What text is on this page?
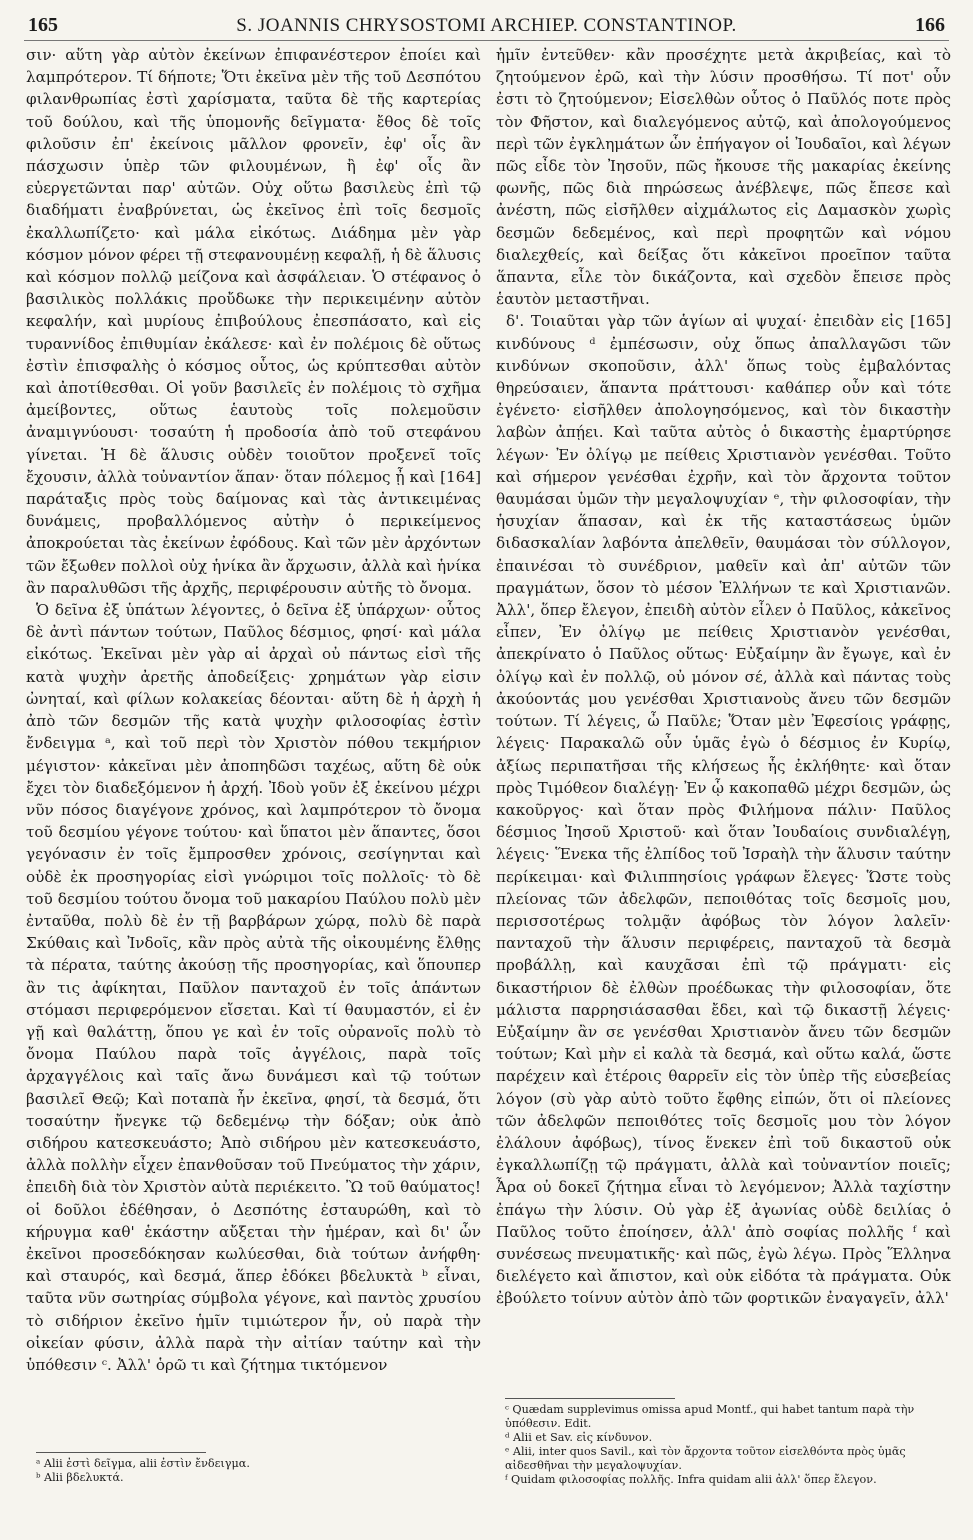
165	S. JOANNIS CHRYSOSTOMI ARCHIEP. CONSTANTINOP.	166

σιν· αὕτη γὰρ αὐτὸν ἐκείνων ἐπιφανέστερον ἐποίει καὶ λαμπρότερον. Τί δήποτε; Ὅτι ἐκεῖνα μὲν τῆς τοῦ Δεσπότου φιλανθρωπίας ἐστὶ χαρίσματα, ταῦτα δὲ τῆς καρτερίας τοῦ δούλου, καὶ τῆς ὑπομονῆς δεῖγματα· ἔθος δὲ τοῖς φιλοῦσιν ἐπ' ἐκείνοις μᾶλλον φρονεῖν, ἐφ' οἷς ἂν πάσχωσιν ὑπὲρ τῶν φιλουμένων, ἢ ἐφ' οἷς ἂν εὐεργετῶνται παρ' αὐτῶν. Οὐχ οὕτω βασιλεὺς ἐπὶ τῷ διαδήματι ἐναβρύνεται, ὡς ἐκεῖνος ἐπὶ τοῖς δεσμοῖς ἐκαλλωπίζετο· καὶ μάλα εἰκότως. Διάδημα μὲν γὰρ κόσμον μόνον φέρει τῇ στεφανουμένῃ κεφαλῇ, ἡ δὲ ἅλυσις καὶ κόσμον πολλῷ μείζονα καὶ ἀσφάλειαν. Ὁ στέφανος ὁ βασιλικὸς πολλάκις προὔδωκε τὴν περικειμένην αὐτὸν κεφαλήν, καὶ μυρίους ἐπιβούλους ἐπεσπάσατο, καὶ εἰς τυραννίδος ἐπιθυμίαν ἐκάλεσε· καὶ ἐν πολέμοις δὲ οὕτως ἐστὶν ἐπισφαλὴς ὁ κόσμος οὗτος, ὡς κρύπτεσθαι αὐτὸν καὶ ἀποτίθεσθαι. Οἱ γοῦν βασιλεῖς ἐν πολέμοις τὸ σχῆμα ἀμείβοντες, οὕτως ἑαυτοὺς τοῖς πολεμοῦσιν ἀναμιγνύουσι· τοσαύτη ἡ προδοσία ἀπὸ τοῦ στεφάνου γίνεται. Ἡ δὲ ἅλυσις οὐδὲν τοιοῦτον προξενεῖ τοῖς ἔχουσιν, ἀλλὰ τοὐναντίον ἅπαν· ὅταν πόλεμος ᾖ καὶ [164] παράταξις πρὸς τοὺς δαίμονας καὶ τὰς ἀντικειμένας δυνάμεις, προβαλλόμενος αὐτὴν ὁ περικείμενος ἀποκρούεται τὰς ἐκείνων ἐφόδους. Καὶ τῶν μὲν ἀρχόντων τῶν ἔξωθεν πολλοὶ οὐχ ἡνίκα ἂν ἄρχωσιν, ἀλλὰ καὶ ἡνίκα ἂν παραλυθῶσι τῆς ἀρχῆς, περιφέρουσιν αὐτῆς τὸ ὄνομα.

Ὁ δεῖνα ἐξ ὑπάτων λέγοντες, ὁ δεῖνα ἐξ ὑπάρχων· οὗτος δὲ ἀντὶ πάντων τούτων, Παῦλος δέσμιος, φησί· καὶ μάλα εἰκότως. Ἐκεῖναι μὲν γὰρ αἱ ἀρχαὶ οὐ πάντως εἰσὶ τῆς κατὰ ψυχὴν ἀρετῆς ἀποδείξεις· χρημάτων γὰρ εἰσιν ὠνηταί, καὶ φίλων κολακείας δέονται· αὕτη δὲ ἡ ἀρχὴ ἡ ἀπὸ τῶν δεσμῶν τῆς κατὰ ψυχὴν φιλοσοφίας ἐστὶν ἔνδειγμα ᵃ, καὶ τοῦ περὶ τὸν Χριστὸν πόθου τεκμήριον μέγιστον· κἀκεῖναι μὲν ἀποπηδῶσι ταχέως, αὕτη δὲ οὐκ ἔχει τὸν διαδεξόμενον ἡ ἀρχή. Ἰδοὺ γοῦν ἐξ ἐκείνου μέχρι νῦν πόσος διαγέγονε χρόνος, καὶ λαμπρότερον τὸ ὄνομα τοῦ δεσμίου γέγονε τούτου· καὶ ὕπατοι μὲν ἅπαντες, ὅσοι γεγόνασιν ἐν τοῖς ἔμπροσθεν χρόνοις, σεσίγηνται καὶ οὐδὲ ἐκ προσηγορίας εἰσὶ γνώριμοι τοῖς πολλοῖς· τὸ δὲ τοῦ δεσμίου τούτου ὄνομα τοῦ μακαρίου Παύλου πολὺ μὲν ἐνταῦθα, πολὺ δὲ ἐν τῇ βαρβάρων χώρᾳ, πολὺ δὲ παρὰ Σκύθαις καὶ Ἰνδοῖς, κἂν πρὸς αὐτὰ τῆς οἰκουμένης ἔλθῃς τὰ πέρατα, ταύτης ἀκούσῃ τῆς προσηγορίας, καὶ ὅπουπερ ἂν τις ἀφίκηται, Παῦλον πανταχοῦ ἐν τοῖς ἁπάντων στόμασι περιφερόμενον εἴσεται. Καὶ τί θαυμαστόν, εἰ ἐν γῇ καὶ θαλάττῃ, ὅπου γε καὶ ἐν τοῖς οὐρανοῖς πολὺ τὸ ὄνομα Παύλου παρὰ τοῖς ἀγγέλοις, παρὰ τοῖς ἀρχαγγέλοις καὶ ταῖς ἄνω δυνάμεσι καὶ τῷ τούτων βασιλεῖ Θεῷ; Καὶ ποταπὰ ἦν ἐκεῖνα, φησί, τὰ δεσμά, ὅτι τοσαύτην ἤνεγκε τῷ δεδεμένῳ τὴν δόξαν; οὐκ ἀπὸ σιδήρου κατεσκευάστο; Ἀπὸ σιδήρου μὲν κατεσκευάστο, ἀλλὰ πολλὴν εἶχεν ἐπανθοῦσαν τοῦ Πνεύματος τὴν χάριν, ἐπειδὴ διὰ τὸν Χριστὸν αὐτὰ περιέκειτο. Ὢ τοῦ θαύματος! οἱ δοῦλοι ἐδέθησαν, ὁ Δεσπότης ἐσταυρώθη, καὶ τὸ κήρυγμα καθ' ἑκάστην αὔξεται τὴν ἡμέραν, καὶ δι' ὧν ἐκεῖνοι προσεδόκησαν κωλύεσθαι, διὰ τούτων ἀνήφθη· καὶ σταυρός, καὶ δεσμά, ἅπερ ἐδόκει βδελυκτὰ ᵇ εἶναι, ταῦτα νῦν σωτηρίας σύμβολα γέγονε, καὶ παντὸς χρυσίου τὸ σιδήριον ἐκεῖνο ἡμῖν τιμιώτερον ἦν, οὐ παρὰ τὴν οἰκείαν φύσιν, ἀλλὰ παρὰ τὴν αἰτίαν ταύτην καὶ τὴν ὑπόθεσιν ᶜ. Ἀλλ' ὁρῶ τι καὶ ζήτημα τικτόμενον

ἡμῖν ἐντεῦθεν· κἂν προσέχητε μετὰ ἀκριβείας, καὶ τὸ ζητούμενον ἐρῶ, καὶ τὴν λύσιν προσθήσω. Τί ποτ' οὖν ἐστι τὸ ζητούμενον; Εἰσελθὼν οὗτος ὁ Παῦλός ποτε πρὸς τὸν Φῆστον, καὶ διαλεγόμενος αὐτῷ, καὶ ἀπολογούμενος περὶ τῶν ἐγκλημάτων ὧν ἐπήγαγον οἱ Ἰουδαῖοι, καὶ λέγων πῶς εἶδε τὸν Ἰησοῦν, πῶς ἤκουσε τῆς μακαρίας ἐκείνης φωνῆς, πῶς διὰ πηρώσεως ἀνέβλεψε, πῶς ἔπεσε καὶ ἀνέστη, πῶς εἰσῆλθεν αἰχμάλωτος εἰς Δαμασκὸν χωρὶς δεσμῶν δεδεμένος, καὶ περὶ προφητῶν καὶ νόμου διαλεχθείς, καὶ δείξας ὅτι κἀκεῖνοι προεῖπον ταῦτα ἅπαντα, εἷλε τὸν δικάζοντα, καὶ σχεδὸν ἔπεισε πρὸς ἑαυτὸν μεταστῆναι.

δ'. Τοιαῦται γὰρ τῶν ἁγίων αἱ ψυχαί· ἐπειδὰν εἰς [165] κινδύνους ᵈ ἐμπέσωσιν, οὐχ ὅπως ἀπαλλαγῶσι τῶν κινδύνων σκοποῦσιν, ἀλλ' ὅπως τοὺς ἐμβαλόντας θηρεύσαιεν, ἅπαντα πράττουσι· καθάπερ οὖν καὶ τότε ἐγένετο· εἰσῆλθεν ἀπολογησόμενος, καὶ τὸν δικαστὴν λαβὼν ἀπῄει. Καὶ ταῦτα αὐτὸς ὁ δικαστὴς ἐμαρτύρησε λέγων· Ἐν ὀλίγῳ με πείθεις Χριστιανὸν γενέσθαι. Τοῦτο καὶ σήμερον γενέσθαι ἐχρῆν, καὶ τὸν ἄρχοντα τοῦτον θαυμάσαι ὑμῶν τὴν μεγαλοψυχίαν ᵉ, τὴν φιλοσοφίαν, τὴν ἡσυχίαν ἅπασαν, καὶ ἐκ τῆς καταστάσεως ὑμῶν διδασκαλίαν λαβόντα ἀπελθεῖν, θαυμάσαι τὸν σύλλογον, ἐπαινέσαι τὸ συνέδριον, μαθεῖν καὶ ἀπ' αὐτῶν τῶν πραγμάτων, ὅσον τὸ μέσον Ἑλλήνων τε καὶ Χριστιανῶν. Ἀλλ', ὅπερ ἔλεγον, ἐπειδὴ αὐτὸν εἷλεν ὁ Παῦλος, κἀκεῖνος εἶπεν, Ἐν ὀλίγῳ με πείθεις Χριστιανὸν γενέσθαι, ἀπεκρίνατο ὁ Παῦλος οὕτως· Εὐξαίμην ἂν ἔγωγε, καὶ ἐν ὀλίγῳ καὶ ἐν πολλῷ, οὐ μόνον σέ, ἀλλὰ καὶ πάντας τοὺς ἀκούοντάς μου γενέσθαι Χριστιανοὺς ἄνευ τῶν δεσμῶν τούτων. Τί λέγεις, ὦ Παῦλε; Ὅταν μὲν Ἐφεσίοις γράφῃς, λέγεις· Παρακαλῶ οὖν ὑμᾶς ἐγὼ ὁ δέσμιος ἐν Κυρίῳ, ἀξίως περιπατῆσαι τῆς κλήσεως ἧς ἐκλήθητε· καὶ ὅταν πρὸς Τιμόθεον διαλέγῃ· Ἐν ᾧ κακοπαθῶ μέχρι δεσμῶν, ὡς κακοῦργος· καὶ ὅταν πρὸς Φιλήμονα πάλιν· Παῦλος δέσμιος Ἰησοῦ Χριστοῦ· καὶ ὅταν Ἰουδαίοις συνδιαλέγῃ, λέγεις· Ἕνεκα τῆς ἐλπίδος τοῦ Ἰσραὴλ τὴν ἅλυσιν ταύτην περίκειμαι· καὶ Φιλιππησίοις γράφων ἔλεγες· Ὥστε τοὺς πλείονας τῶν ἀδελφῶν, πεποιθότας τοῖς δεσμοῖς μου, περισσοτέρως τολμᾷν ἀφόβως τὸν λόγον λαλεῖν· πανταχοῦ τὴν ἅλυσιν περιφέρεις, πανταχοῦ τὰ δεσμὰ προβάλλῃ, καὶ καυχᾶσαι ἐπὶ τῷ πράγματι· εἰς δικαστήριον δὲ ἐλθὼν προέδωκας τὴν φιλοσοφίαν, ὅτε μάλιστα παρρησιάσασθαι ἔδει, καὶ τῷ δικαστῇ λέγεις· Εὐξαίμην ἂν σε γενέσθαι Χριστιανὸν ἄνευ τῶν δεσμῶν τούτων; Καὶ μὴν εἰ καλὰ τὰ δεσμά, καὶ οὕτω καλά, ὥστε παρέχειν καὶ ἑτέροις θαρρεῖν εἰς τὸν ὑπὲρ τῆς εὐσεβείας λόγον (σὺ γὰρ αὐτὸ τοῦτο ἔφθης εἰπών, ὅτι οἱ πλείονες τῶν ἀδελφῶν πεποιθότες τοῖς δεσμοῖς μου τὸν λόγον ἐλάλουν ἀφόβως), τίνος ἕνεκεν ἐπὶ τοῦ δικαστοῦ οὐκ ἐγκαλλωπίζῃ τῷ πράγματι, ἀλλὰ καὶ τοὐναντίον ποιεῖς; Ἆρα οὐ δοκεῖ ζήτημα εἶναι τὸ λεγόμενον; Ἀλλὰ ταχίστην ἐπάγω τὴν λύσιν. Οὐ γὰρ ἐξ ἀγωνίας οὐδὲ δειλίας ὁ Παῦλος τοῦτο ἐποίησεν, ἀλλ' ἀπὸ σοφίας πολλῆς ᶠ καὶ συνέσεως πνευματικῆς· καὶ πῶς, ἐγὼ λέγω. Πρὸς Ἕλληνα διελέγετο καὶ ἄπιστον, καὶ οὐκ εἰδότα τὰ πράγματα. Οὐκ ἐβούλετο τοίνυν αὐτὸν ἀπὸ τῶν φορτικῶν ἐναγαγεῖν, ἀλλ'

ᵃ Alii ἐστὶ δεῖγμα, alii ἐστὶν ἔνδειγμα.

ᵇ Alii βδελυκτά.

ᶜ Quædam supplevimus omissa apud Montf., qui habet tantum παρὰ τὴν ὑπόθεσιν. Edit.

ᵈ Alii et Sav. εἰς κίνδυνον.

ᵉ Alii, inter quos Savil., καὶ τὸν ἄρχοντα τοῦτον εἰσελθόντα πρὸς ὑμᾶς αἰδεσθῆναι τὴν μεγαλοψυχίαν.

ᶠ Quidam φιλοσοφίας πολλῆς. Infra quidam alii ἀλλ' ὅπερ ἔλεγον.
